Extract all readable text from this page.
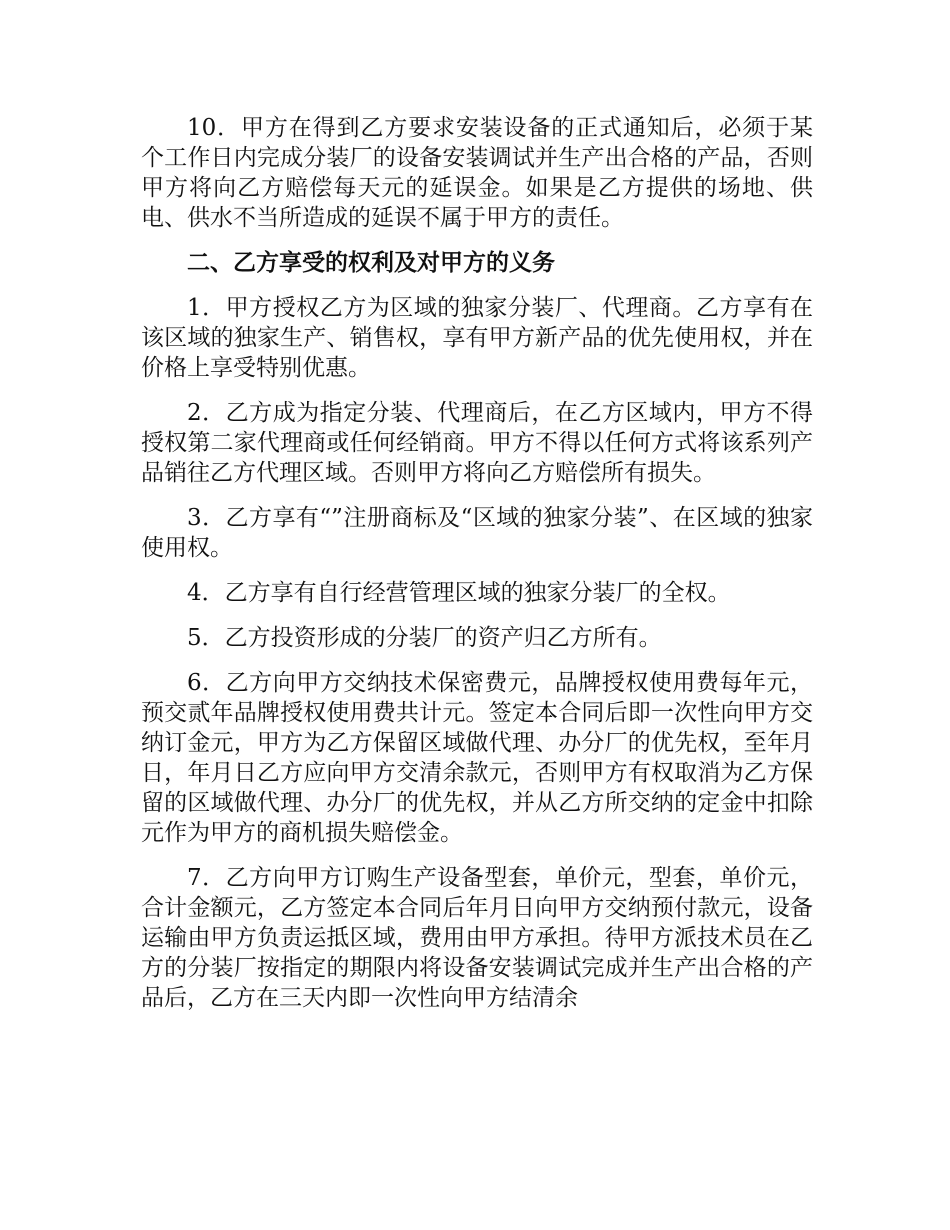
10．甲方在得到乙方要求安装设备的正式通知后，必须于某个工作日内完成分装厂的设备安装调试并生产出合格的产品，否则甲方将向乙方赔偿每天元的延误金。如果是乙方提供的场地、供电、供水不当所造成的延误不属于甲方的责任。

二、乙方享受的权利及对甲方的义务

1．甲方授权乙方为区域的独家分装厂、代理商。乙方享有在该区域的独家生产、销售权，享有甲方新产品的优先使用权，并在价格上享受特别优惠。

2．乙方成为指定分装、代理商后，在乙方区域内，甲方不得授权第二家代理商或任何经销商。甲方不得以任何方式将该系列产品销往乙方代理区域。否则甲方将向乙方赔偿所有损失。

3．乙方享有“”注册商标及“区域的独家分装”、在区域的独家使用权。

4．乙方享有自行经营管理区域的独家分装厂的全权。

5．乙方投资形成的分装厂的资产归乙方所有。

6．乙方向甲方交纳技术保密费元，品牌授权使用费每年元，预交贰年品牌授权使用费共计元。签定本合同后即一次性向甲方交纳订金元，甲方为乙方保留区域做代理、办分厂的优先权，至年月日，年月日乙方应向甲方交清余款元，否则甲方有权取消为乙方保留的区域做代理、办分厂的优先权，并从乙方所交纳的定金中扣除元作为甲方的商机损失赔偿金。

7．乙方向甲方订购生产设备型套，单价元，型套，单价元，合计金额元，乙方签定本合同后年月日向甲方交纳预付款元，设备运输由甲方负责运抵区域，费用由甲方承担。待甲方派技术员在乙方的分装厂按指定的期限内将设备安装调试完成并生产出合格的产品后，乙方在三天内即一次性向甲方结清余
